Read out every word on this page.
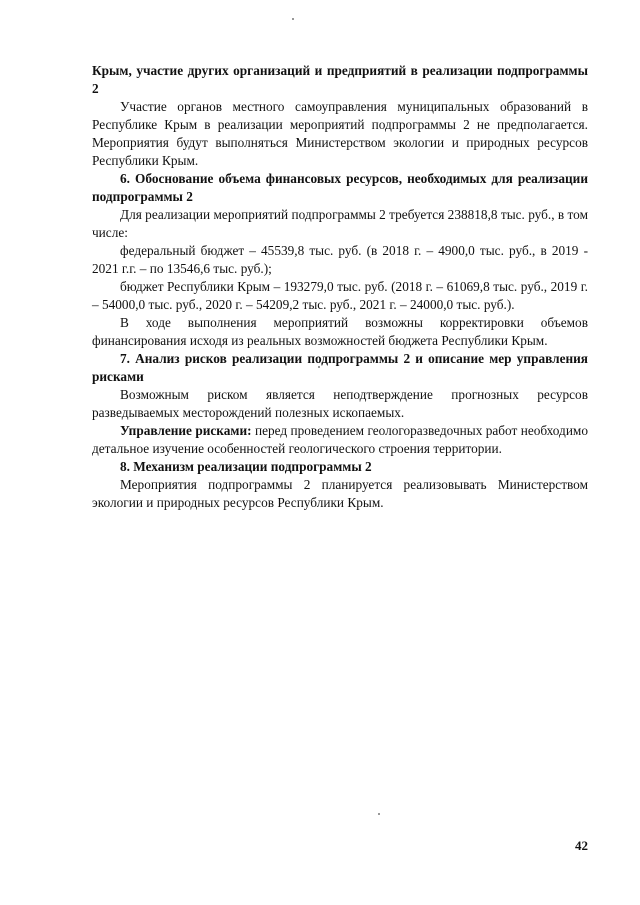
Крым, участие других организаций и предприятий в реализации подпрограммы 2

Участие органов местного самоуправления муниципальных образований в Республике Крым в реализации мероприятий подпрограммы 2 не предполагается. Мероприятия будут выполняться Министерством экологии и природных ресурсов Республики Крым.

6. Обоснование объема финансовых ресурсов, необходимых для реализации подпрограммы 2

Для реализации мероприятий подпрограммы 2 требуется 238818,8 тыс. руб., в том числе:

федеральный бюджет – 45539,8 тыс. руб. (в 2018 г. – 4900,0 тыс. руб., в 2019 - 2021 г.г. – по 13546,6 тыс. руб.);

бюджет Республики Крым – 193279,0 тыс. руб. (2018 г. – 61069,8 тыс. руб., 2019 г. – 54000,0 тыс. руб., 2020 г. – 54209,2 тыс. руб., 2021 г. – 24000,0 тыс. руб.).

В ходе выполнения мероприятий возможны корректировки объемов финансирования исходя из реальных возможностей бюджета Республики Крым.

7. Анализ рисков реализации подпрограммы 2 и описание мер управления рисками

Возможным риском является неподтверждение прогнозных ресурсов разведываемых месторождений полезных ископаемых.

Управление рисками: перед проведением геологоразведочных работ необходимо детальное изучение особенностей геологического строения территории.

8. Механизм реализации подпрограммы 2

Мероприятия подпрограммы 2 планируется реализовывать Министерством экологии и природных ресурсов Республики Крым.

42
